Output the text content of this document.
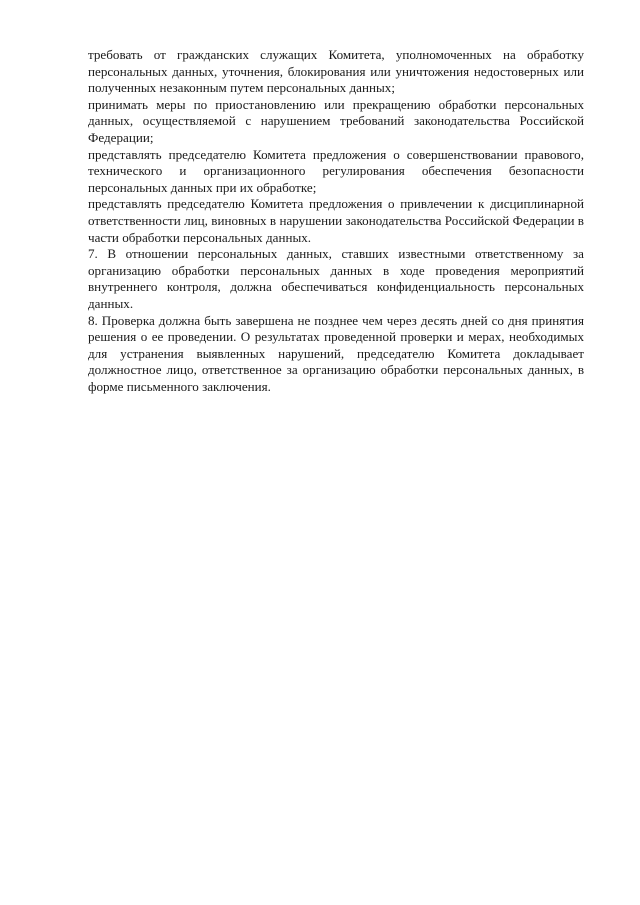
требовать от гражданских служащих Комитета, уполномоченных на обработку персональных данных, уточнения, блокирования или уничтожения недостоверных или полученных незаконным путем персональных данных;

принимать меры по приостановлению или прекращению обработки персональных данных, осуществляемой с нарушением требований законодательства Российской Федерации;

представлять председателю Комитета предложения о совершенствовании правового, технического и организационного регулирования обеспечения безопасности персональных данных при их обработке;

представлять председателю Комитета предложения о привлечении к дисциплинарной ответственности лиц, виновных в нарушении законодательства Российской Федерации в части обработки персональных данных.

7. В отношении персональных данных, ставших известными ответственному за организацию обработки персональных данных в ходе проведения мероприятий внутреннего контроля, должна обеспечиваться конфиденциальность персональных данных.

8. Проверка должна быть завершена не позднее чем через десять дней со дня принятия решения о ее проведении. О результатах проведенной проверки и мерах, необходимых для устранения выявленных нарушений, председателю Комитета докладывает должностное лицо, ответственное за организацию обработки персональных данных, в форме письменного заключения.
